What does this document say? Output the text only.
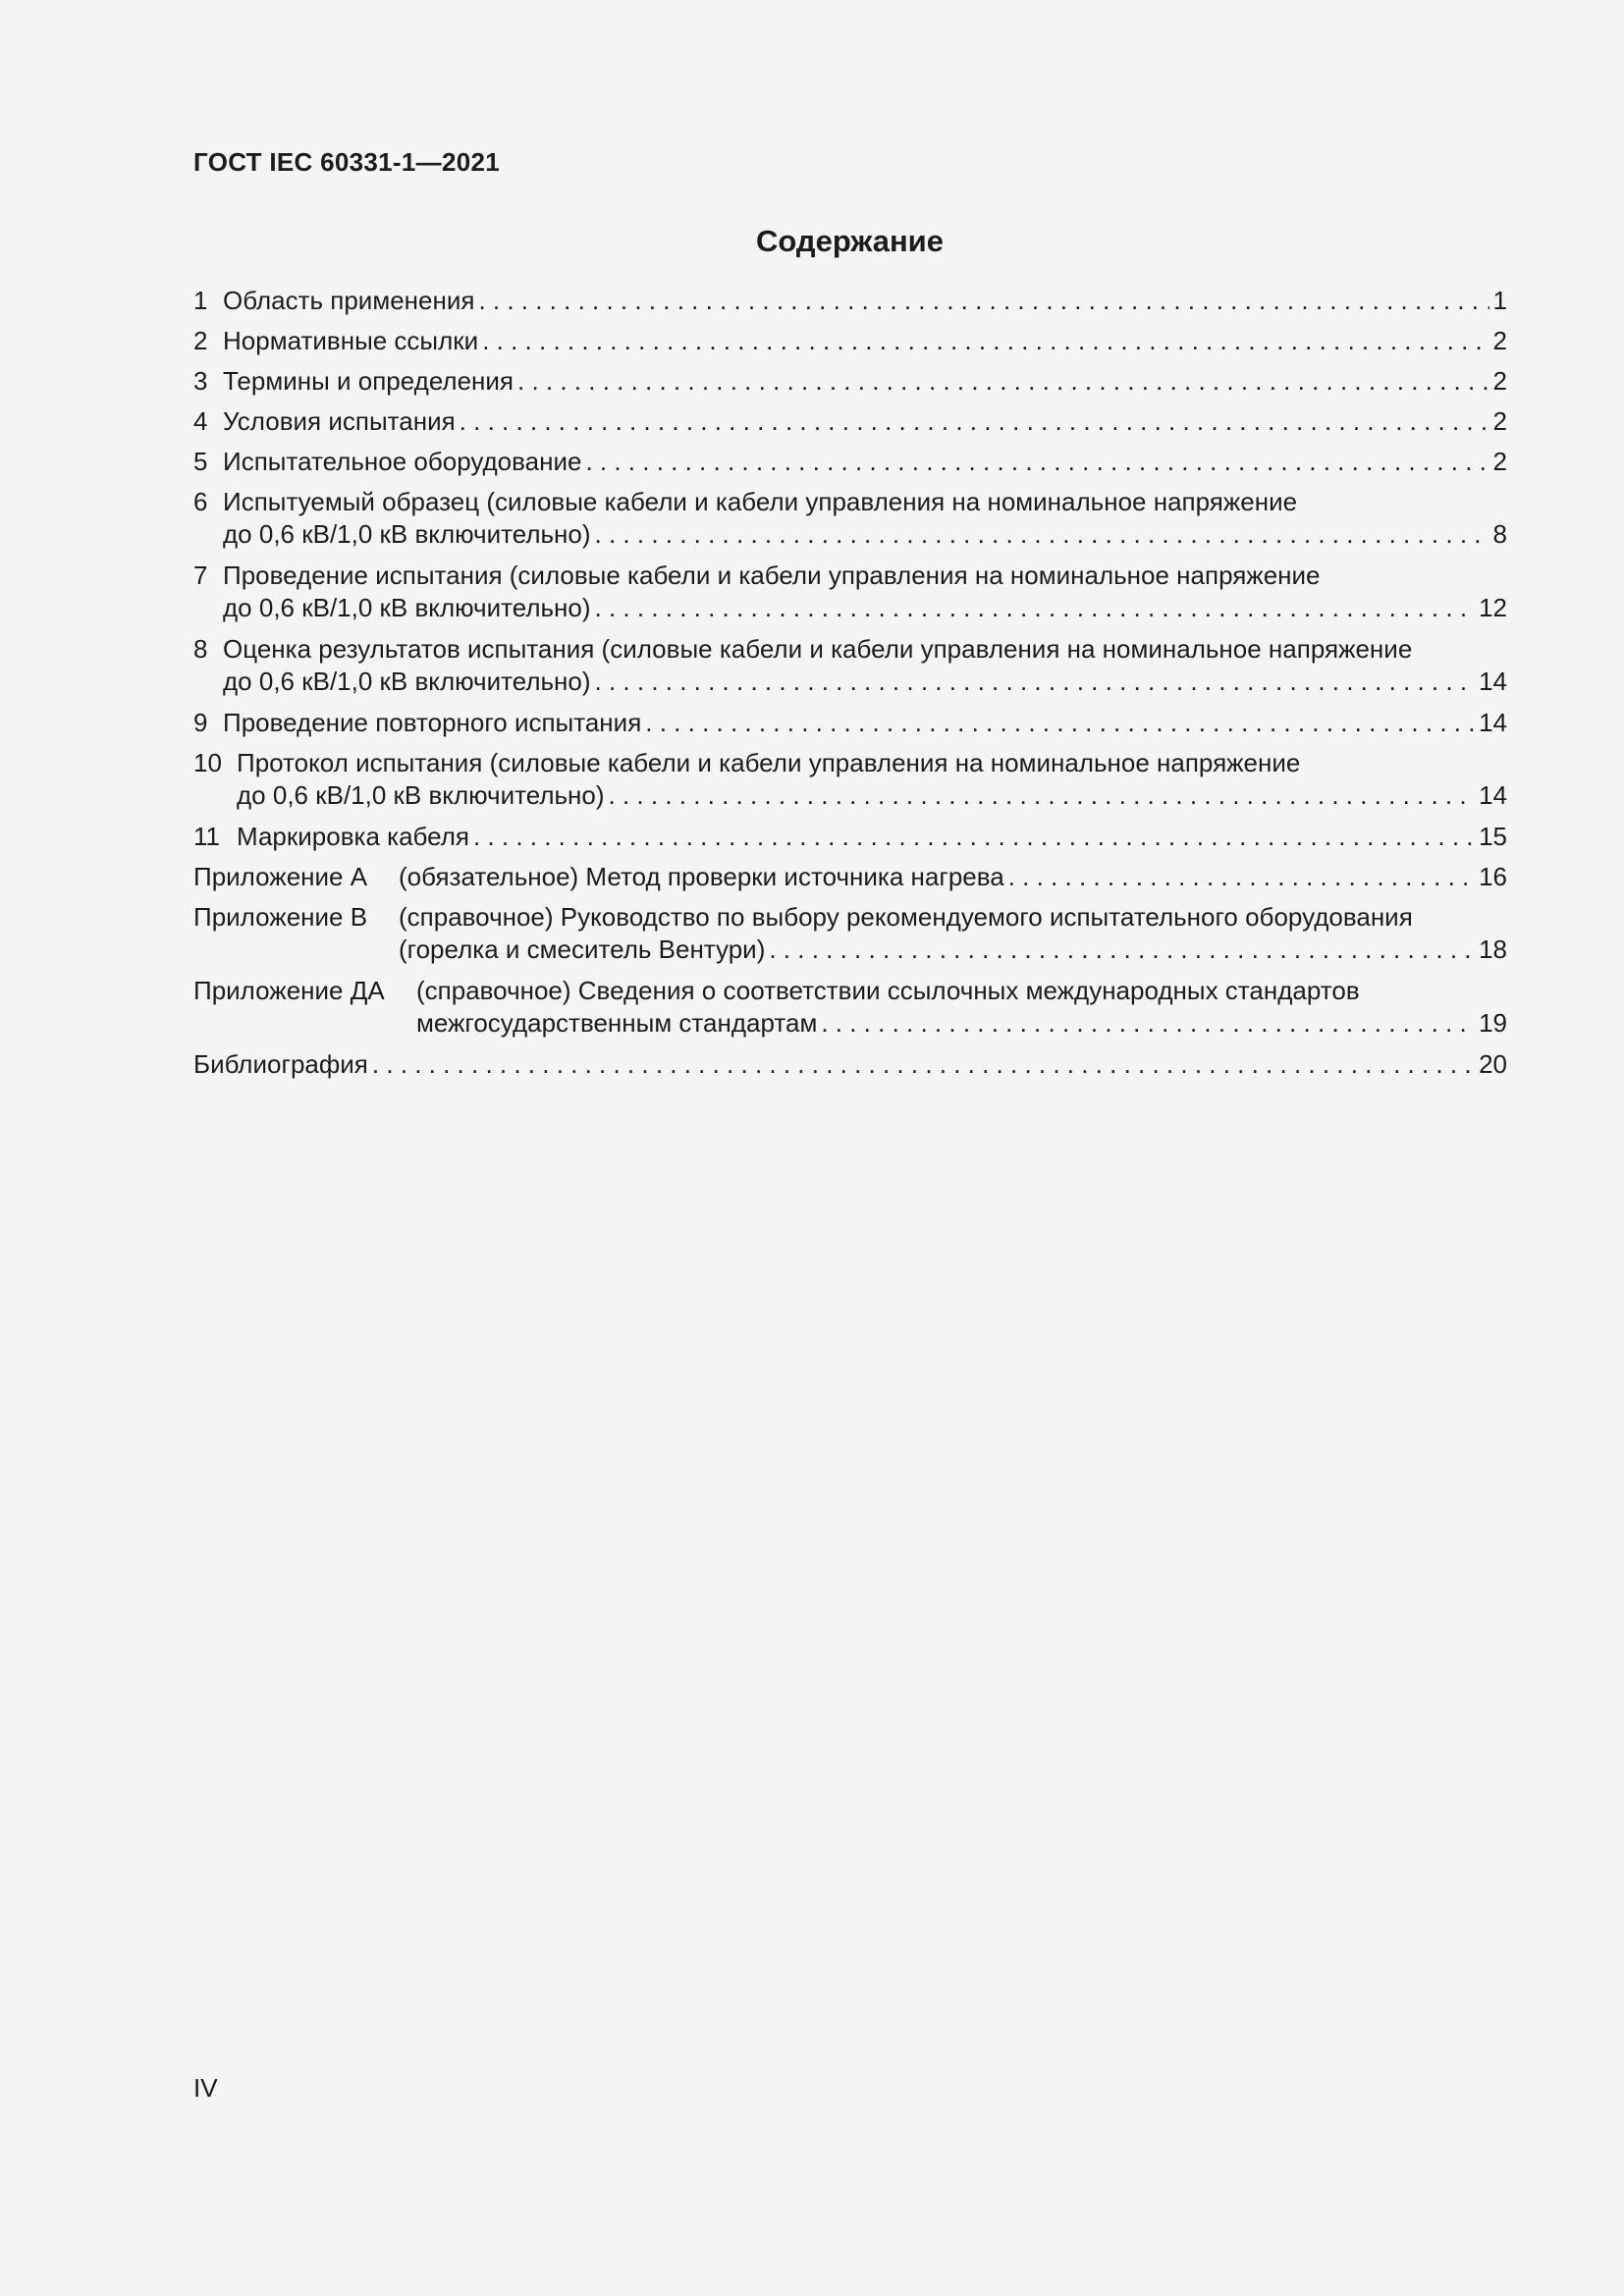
ГОСТ IEC 60331-1—2021
Содержание
1 Область применения . . .	1
2 Нормативные ссылки . . .	2
3 Термины и определения . . .	2
4 Условия испытания . . .	2
5 Испытательное оборудование . . .	2
6 Испытуемый образец (силовые кабели и кабели управления на номинальное напряжение
до 0,6 кВ/1,0 кВ включительно) . . .	8
7 Проведение испытания (силовые кабели и кабели управления на номинальное напряжение
до 0,6 кВ/1,0 кВ включительно) . . .	12
8 Оценка результатов испытания (силовые кабели и кабели управления на номинальное напряжение
до 0,6 кВ/1,0 кВ включительно) . . .	14
9 Проведение повторного испытания . . .	14
10 Протокол испытания (силовые кабели и кабели управления на номинальное напряжение
до 0,6 кВ/1,0 кВ включительно) . . .	14
11 Маркировка кабеля . . .	15
Приложение А	(обязательное) Метод проверки источника нагрева . . .	16
Приложение В	(справочное) Руководство по выбору рекомендуемого испытательного оборудования
(горелка и смеситель Вентури) . . .	18
Приложение ДА	(справочное) Сведения о соответствии ссылочных международных стандартов
межгосударственным стандартам . . .	19
Библиография . . .	20
IV
